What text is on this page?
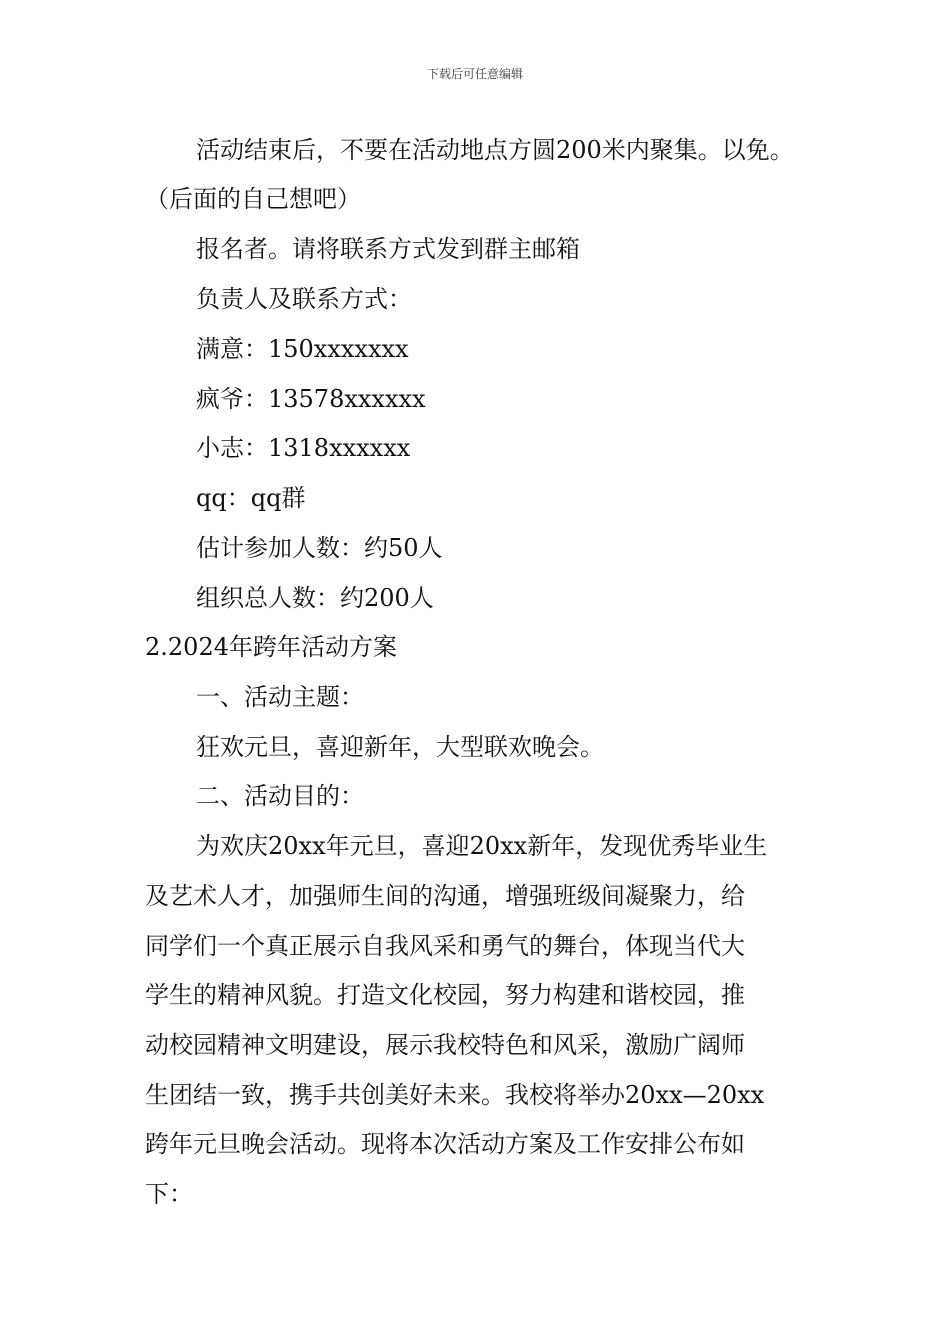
下载后可任意编辑
活动结束后，不要在活动地点方圆200米内聚集。以免。
（后面的自己想吧）
报名者。请将联系方式发到群主邮箱
负责人及联系方式：
满意：150xxxxxxx
疯爷：13578xxxxxx
小志：1318xxxxxx
qq：qq群
估计参加人数：约50人
组织总人数：约200人
2.2024年跨年活动方案
一、活动主题：
狂欢元旦，喜迎新年，大型联欢晚会。
二、活动目的：
为欢庆20xx年元旦，喜迎20xx新年，发现优秀毕业生
及艺术人才，加强师生间的沟通，增强班级间凝聚力，给
同学们一个真正展示自我风采和勇气的舞台，体现当代大
学生的精神风貌。打造文化校园，努力构建和谐校园，推
动校园精神文明建设，展示我校特色和风采，激励广阔师
生团结一致，携手共创美好未来。我校将举办20xx—20xx
跨年元旦晚会活动。现将本次活动方案及工作安排公布如
下：
